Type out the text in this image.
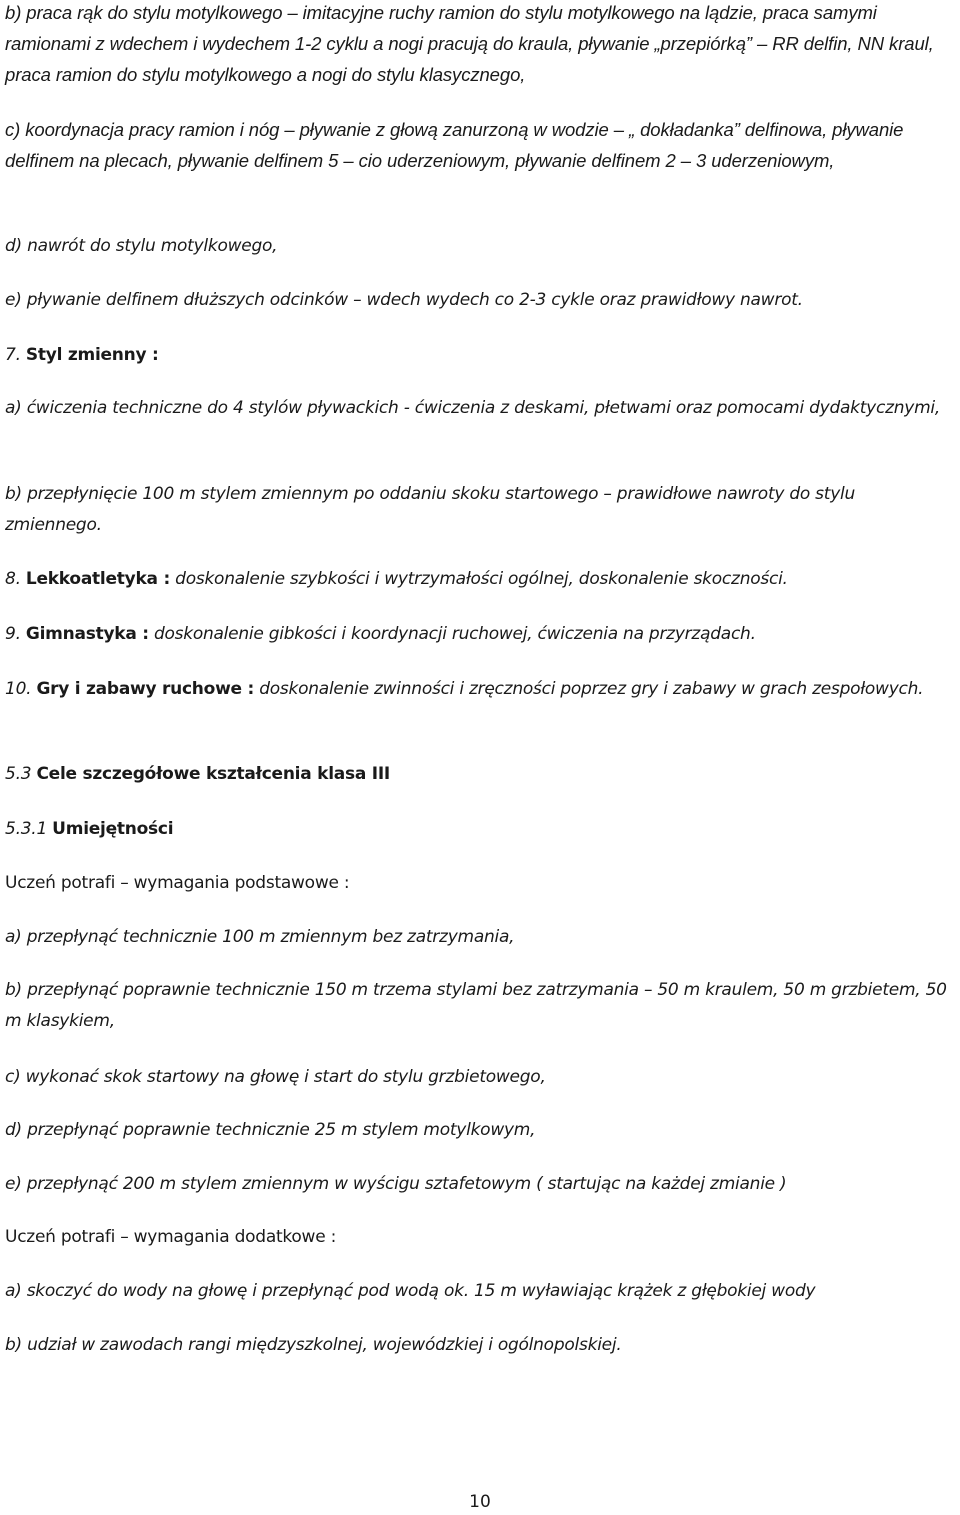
b) praca rąk do stylu motylkowego – imitacyjne ruchy ramion do stylu motylkowego na lądzie, praca samymi ramionami z wdechem i wydechem 1-2 cyklu a nogi pracują do kraula, pływanie „przepiórką” – RR delfin, NN kraul, praca ramion do stylu motylkowego a nogi do stylu klasycznego,

c) koordynacja pracy ramion i nóg – pływanie z głową zanurzoną w wodzie – „ dokładanka” delfinowa, pływanie delfinem na plecach, pływanie delfinem 5 – cio uderzeniowym, pływanie delfinem 2 – 3 uderzeniowym,

d) nawrót do stylu motylkowego,

e) pływanie delfinem dłuższych odcinków – wdech wydech co 2-3 cykle oraz prawidłowy nawrot.

7. Styl zmienny :

a) ćwiczenia techniczne do 4 stylów pływackich - ćwiczenia z deskami, płetwami oraz pomocami dydaktycznymi,

b) przepłynięcie 100 m stylem zmiennym po oddaniu skoku startowego – prawidłowe nawroty do stylu zmiennego.

8. Lekkoatletyka : doskonalenie szybkości i wytrzymałości ogólnej, doskonalenie skoczności.

9. Gimnastyka : doskonalenie gibkości i koordynacji ruchowej, ćwiczenia na przyrządach.

10. Gry i zabawy ruchowe : doskonalenie zwinności i zręczności poprzez gry i zabawy w grach zespołowych.

5.3 Cele szczegółowe kształcenia klasa III

5.3.1 Umiejętności

Uczeń potrafi – wymagania podstawowe :

a) przepłynąć technicznie 100 m zmiennym bez zatrzymania,

b) przepłynąć poprawnie technicznie 150 m trzema stylami bez zatrzymania – 50 m kraulem, 50 m grzbietem, 50 m klasykiem,

c) wykonać skok startowy na głowę i start do stylu grzbietowego,

d) przepłynąć poprawnie technicznie 25 m stylem motylkowym,

e) przepłynąć 200 m stylem zmiennym w wyścigu sztafetowym ( startując na każdej zmianie )

Uczeń potrafi – wymagania dodatkowe :

a) skoczyć do wody na głowę i przepłynąć pod wodą ok. 15 m wyławiając krążek z głębokiej wody

b) udział w zawodach rangi międzyszkolnej, wojewódzkiej i ogólnopolskiej.

10
